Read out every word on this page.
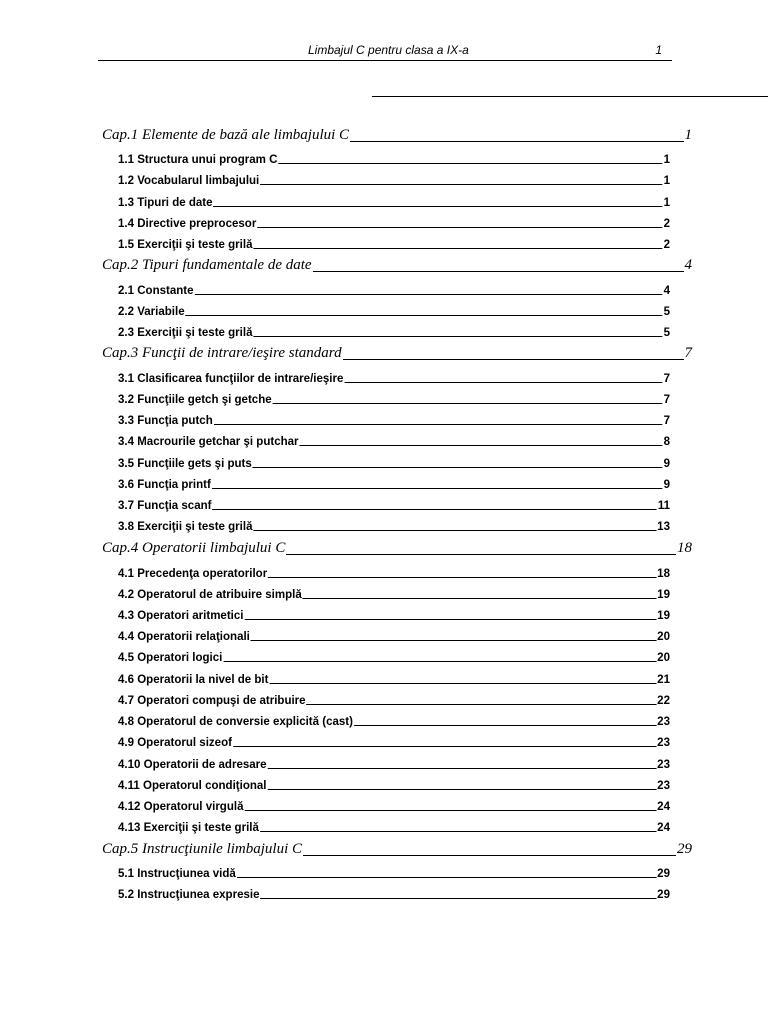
Limbajul C pentru clasa a IX-a	1
Cap.1 Elemente de bază ale limbajului C	1
1.1 Structura unui program C	1
1.2 Vocabularul limbajului	1
1.3 Tipuri de date	1
1.4 Directive preprocesor	2
1.5 Exerciţii şi teste grilă	2
Cap.2 Tipuri fundamentale de date	4
2.1 Constante	4
2.2 Variabile	5
2.3 Exerciţii şi teste grilă	5
Cap.3 Funcţii de intrare/ieşire standard	7
3.1 Clasificarea funcţiilor de intrare/ieşire	7
3.2 Funcţiile getch şi getche	7
3.3 Funcţia putch	7
3.4 Macrourile getchar şi putchar	8
3.5 Funcţiile gets şi puts	9
3.6 Funcţia printf	9
3.7 Funcţia scanf	11
3.8 Exerciţii şi teste grilă	13
Cap.4 Operatorii limbajului C	18
4.1 Precedenţa operatorilor	18
4.2 Operatorul de atribuire simplă	19
4.3 Operatori aritmetici	19
4.4 Operatorii relaţionali	20
4.5 Operatori logici	20
4.6 Operatorii la nivel de bit	21
4.7 Operatori compuşi de atribuire	22
4.8 Operatorul de conversie explicită (cast)	23
4.9 Operatorul sizeof	23
4.10 Operatorii de adresare	23
4.11 Operatorul condiţional	23
4.12 Operatorul virgulă	24
4.13 Exerciţii şi teste grilă	24
Cap.5 Instrucţiunile limbajului C	29
5.1 Instrucţiunea vidă	29
5.2 Instrucţiunea expresie	29
